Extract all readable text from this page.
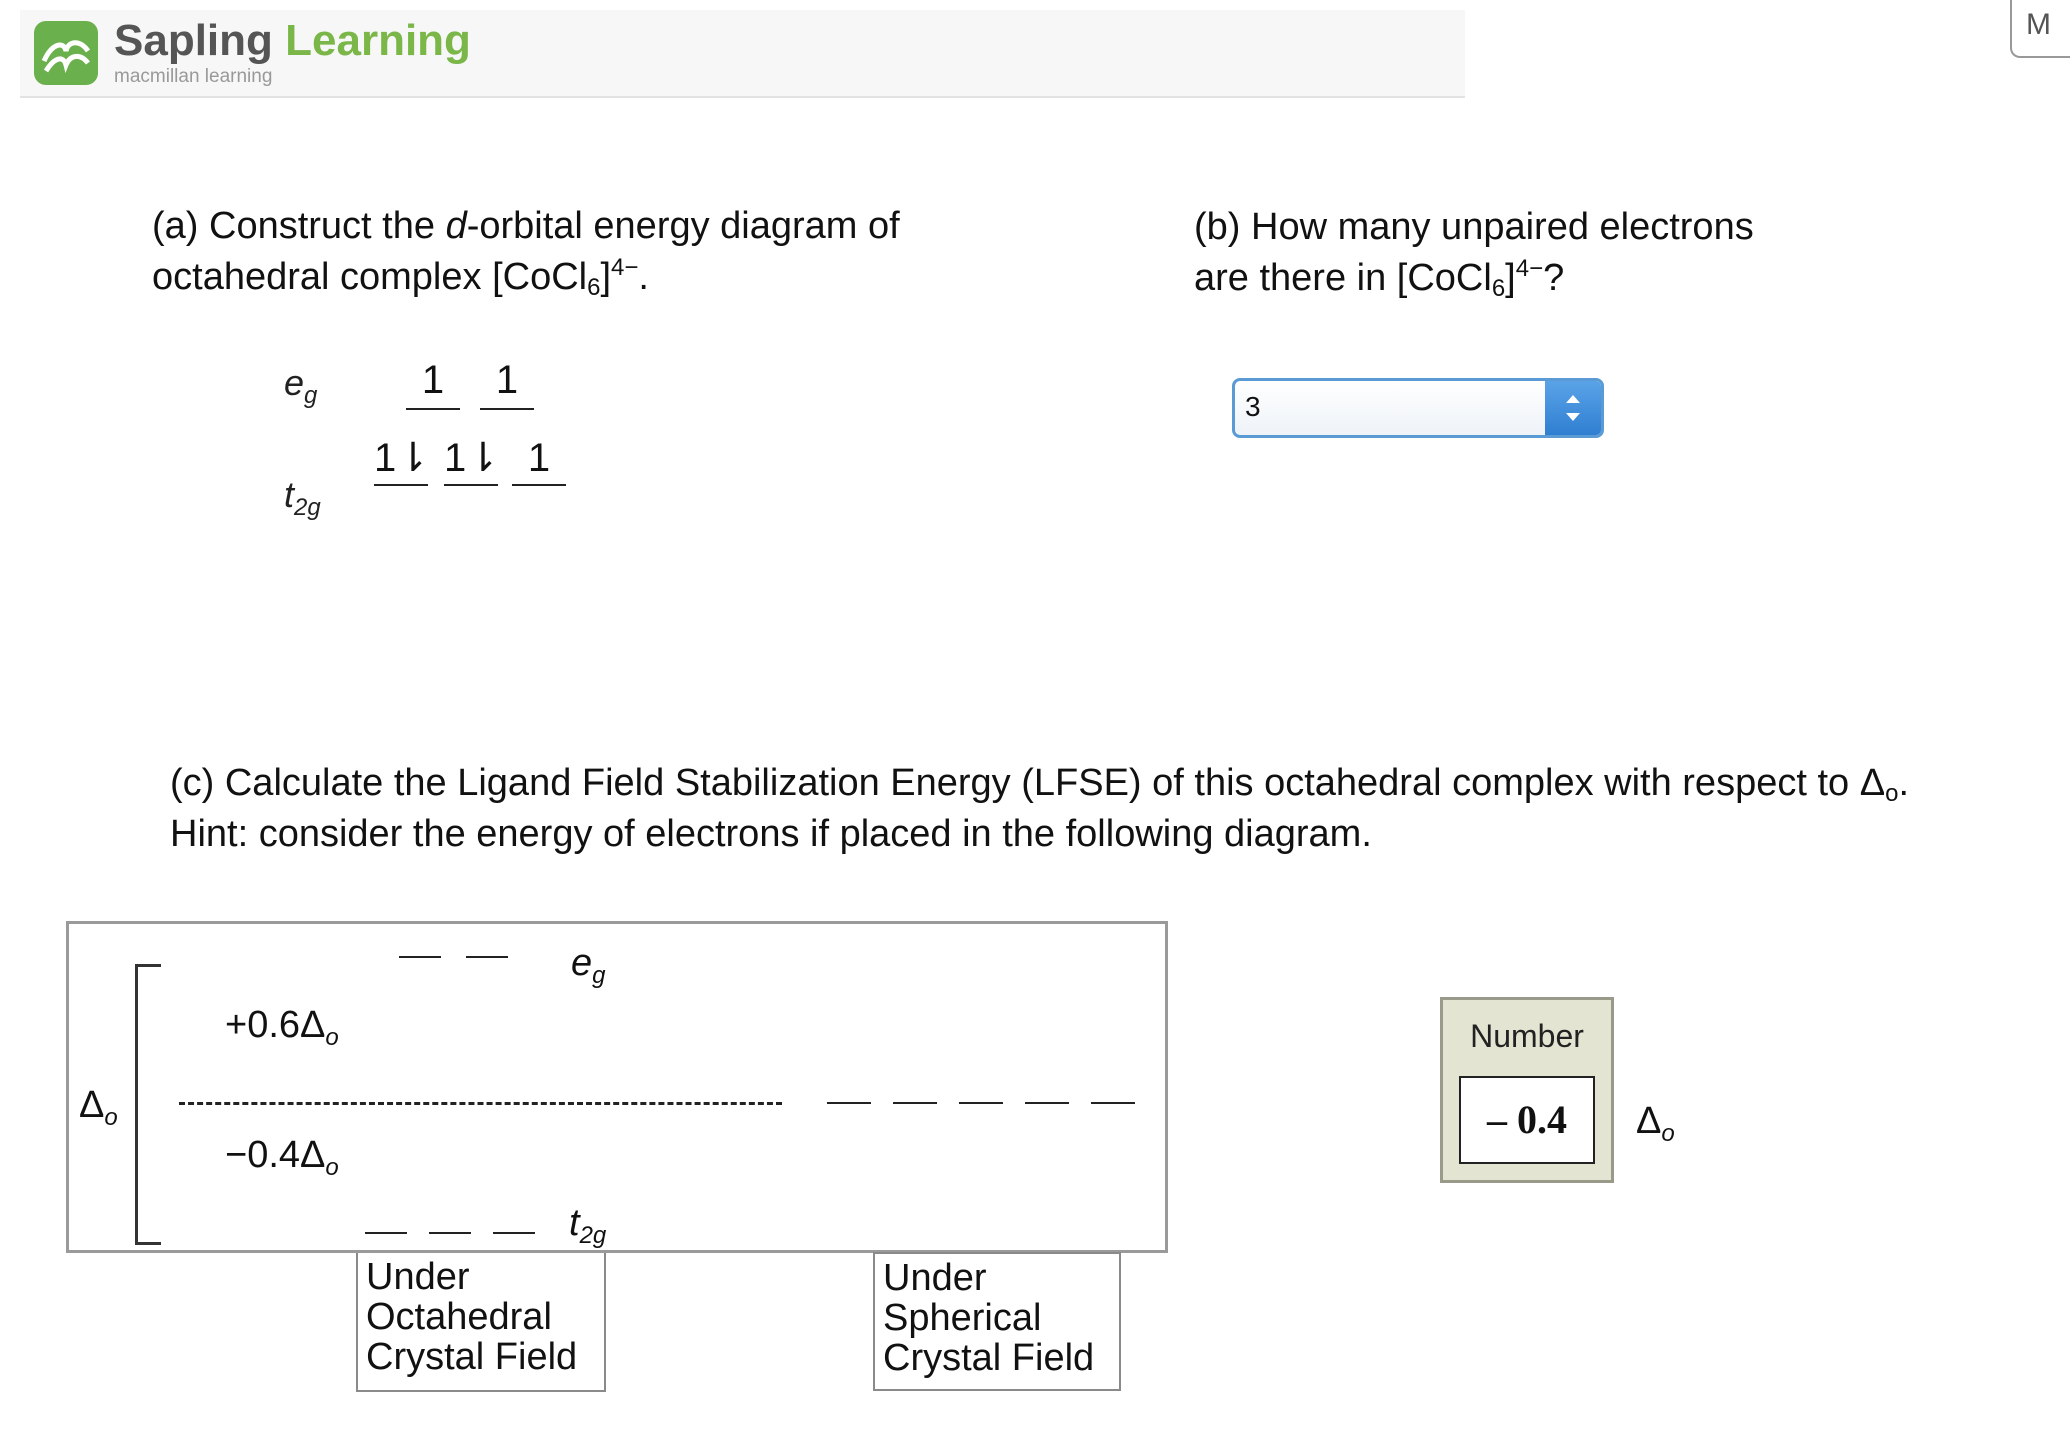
Sapling Learning
macmillan learning
M
(a) Construct the d-orbital energy diagram of
octahedral complex [CoCl$_6$]$^{4-}$.
$e_g$
$t_{2g}$
1	1
1⇂ 1⇂ 1
(b) How many unpaired electrons
are there in [CoCl$_6$]$^{4-}$?
3
(c) Calculate the Ligand Field Stabilization Energy (LFSE) of this octahedral complex with respect to $\Delta_o$.
Hint: consider the energy of electrons if placed in the following diagram.
$\Delta_o$
$e_g$
$+0.6\Delta_o$
$-0.4\Delta_o$
$t_{2g}$
Under
Octahedral
Crystal Field
Under
Spherical
Crystal Field
Number
– 0.4	$\Delta_o$
